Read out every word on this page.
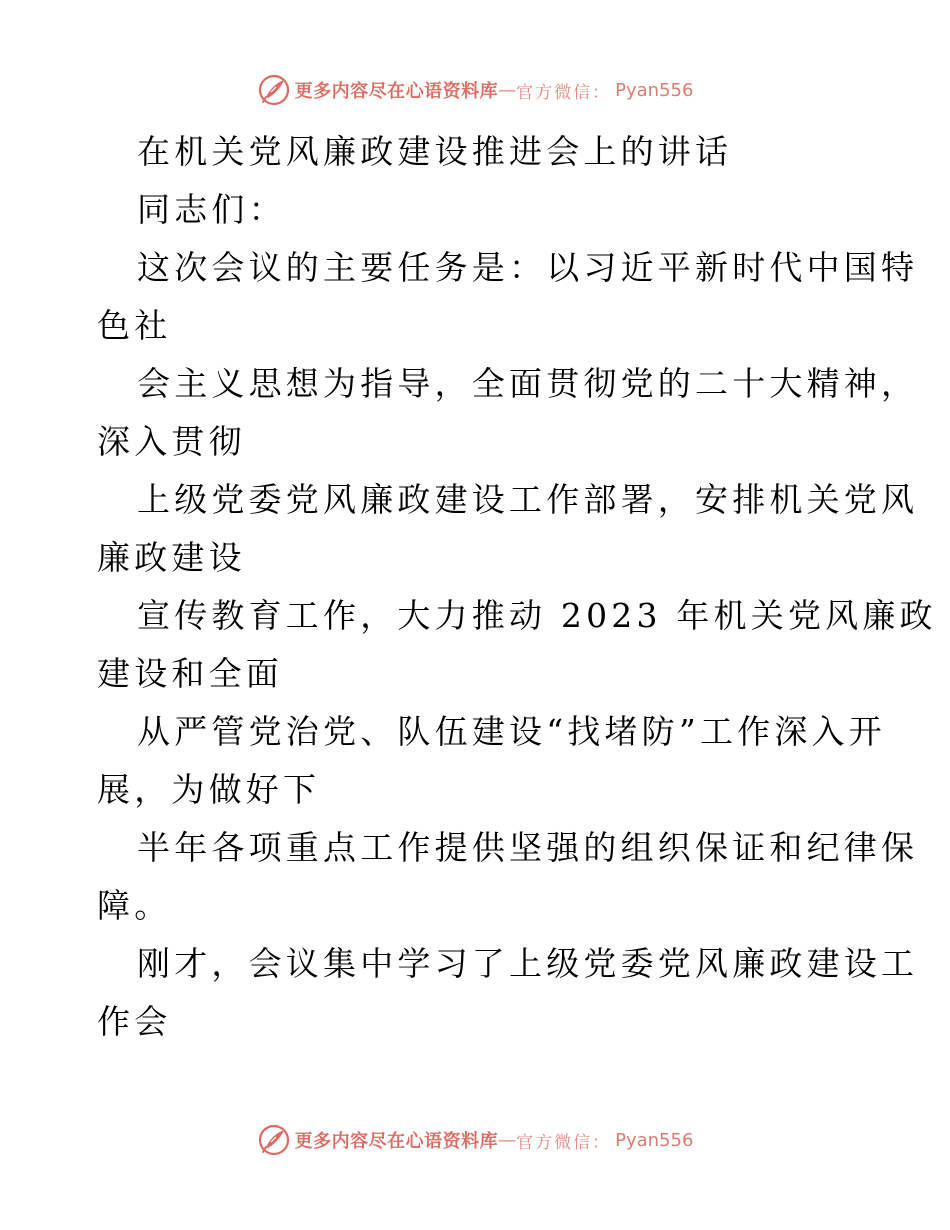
更多内容尽在心语资料库 — 官方微信： Pyan556
在机关党风廉政建设推进会上的讲话
同志们：
这次会议的主要任务是：以习近平新时代中国特
色社
会主义思想为指导，全面贯彻党的二十大精神，
深入贯彻
上级党委党风廉政建设工作部署，安排机关党风
廉政建设
宣传教育工作，大力推动 2023 年机关党风廉政
建设和全面
从严管党治党、队伍建设“找堵防”工作深入开
展，为做好下
半年各项重点工作提供坚强的组织保证和纪律保
障。
刚才，会议集中学习了上级党委党风廉政建设工
作会
更多内容尽在心语资料库 — 官方微信： Pyan556
